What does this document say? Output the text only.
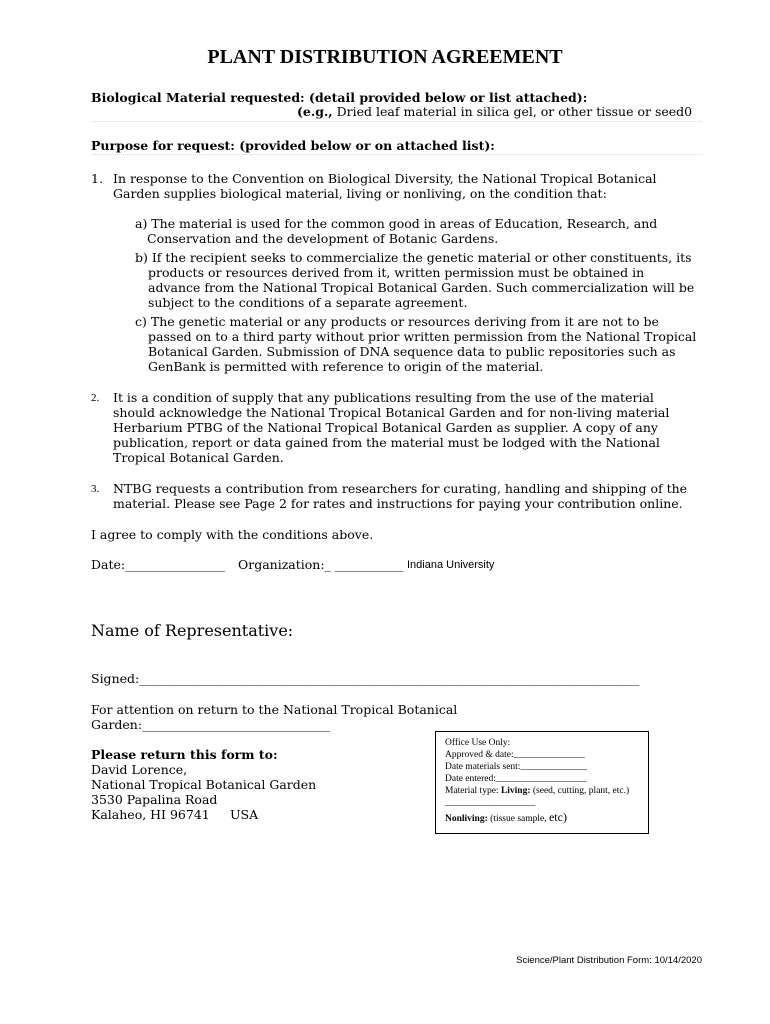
PLANT DISTRIBUTION AGREEMENT
Biological Material requested: (detail provided below or list attached):
(e.g., Dried leaf material in silica gel, or other tissue or seed0
Purpose for request: (provided below or on attached list):
1. In response to the Convention on Biological Diversity, the National Tropical Botanical
Garden supplies biological material, living or nonliving, on the condition that:
a) The material is used for the common good in areas of Education, Research, and
Conservation and the development of Botanic Gardens.
b) If the recipient seeks to commercialize the genetic material or other constituents, its
products or resources derived from it, written permission must be obtained in
advance from the National Tropical Botanical Garden. Such commercialization will be
subject to the conditions of a separate agreement.
c) The genetic material or any products or resources deriving from it are not to be
passed on to a third party without prior written permission from the National Tropical
Botanical Garden. Submission of DNA sequence data to public repositories such as
GenBank is permitted with reference to origin of the material.
2. It is a condition of supply that any publications resulting from the use of the material
should acknowledge the National Tropical Botanical Garden and for non-living material
Herbarium PTBG of the National Tropical Botanical Garden as supplier. A copy of any
publication, report or data gained from the material must be lodged with the National
Tropical Botanical Garden.
3. NTBG requests a contribution from researchers for curating, handling and shipping of the
material. Please see Page 2 for rates and instructions for paying your contribution online.
I agree to comply with the conditions above.
Date:________________ Organization:_ ___________ Indiana University
Name of Representative:
Signed:________________________________________________________________________________
For attention on return to the National Tropical Botanical
Garden:______________________________
Please return this form to:
David Lorence,
National Tropical Botanical Garden
3530 Papalina Road
Kalaheo, HI 96741 USA
Office Use Only:
Approved & date:_______________
Date materials sent:______________
Date entered:___________________
Material type: Living: (seed, cutting, plant, etc.)
___________________
Nonliving: (tissue sample, etc)
Science/Plant Distribution Form: 10/14/2020
